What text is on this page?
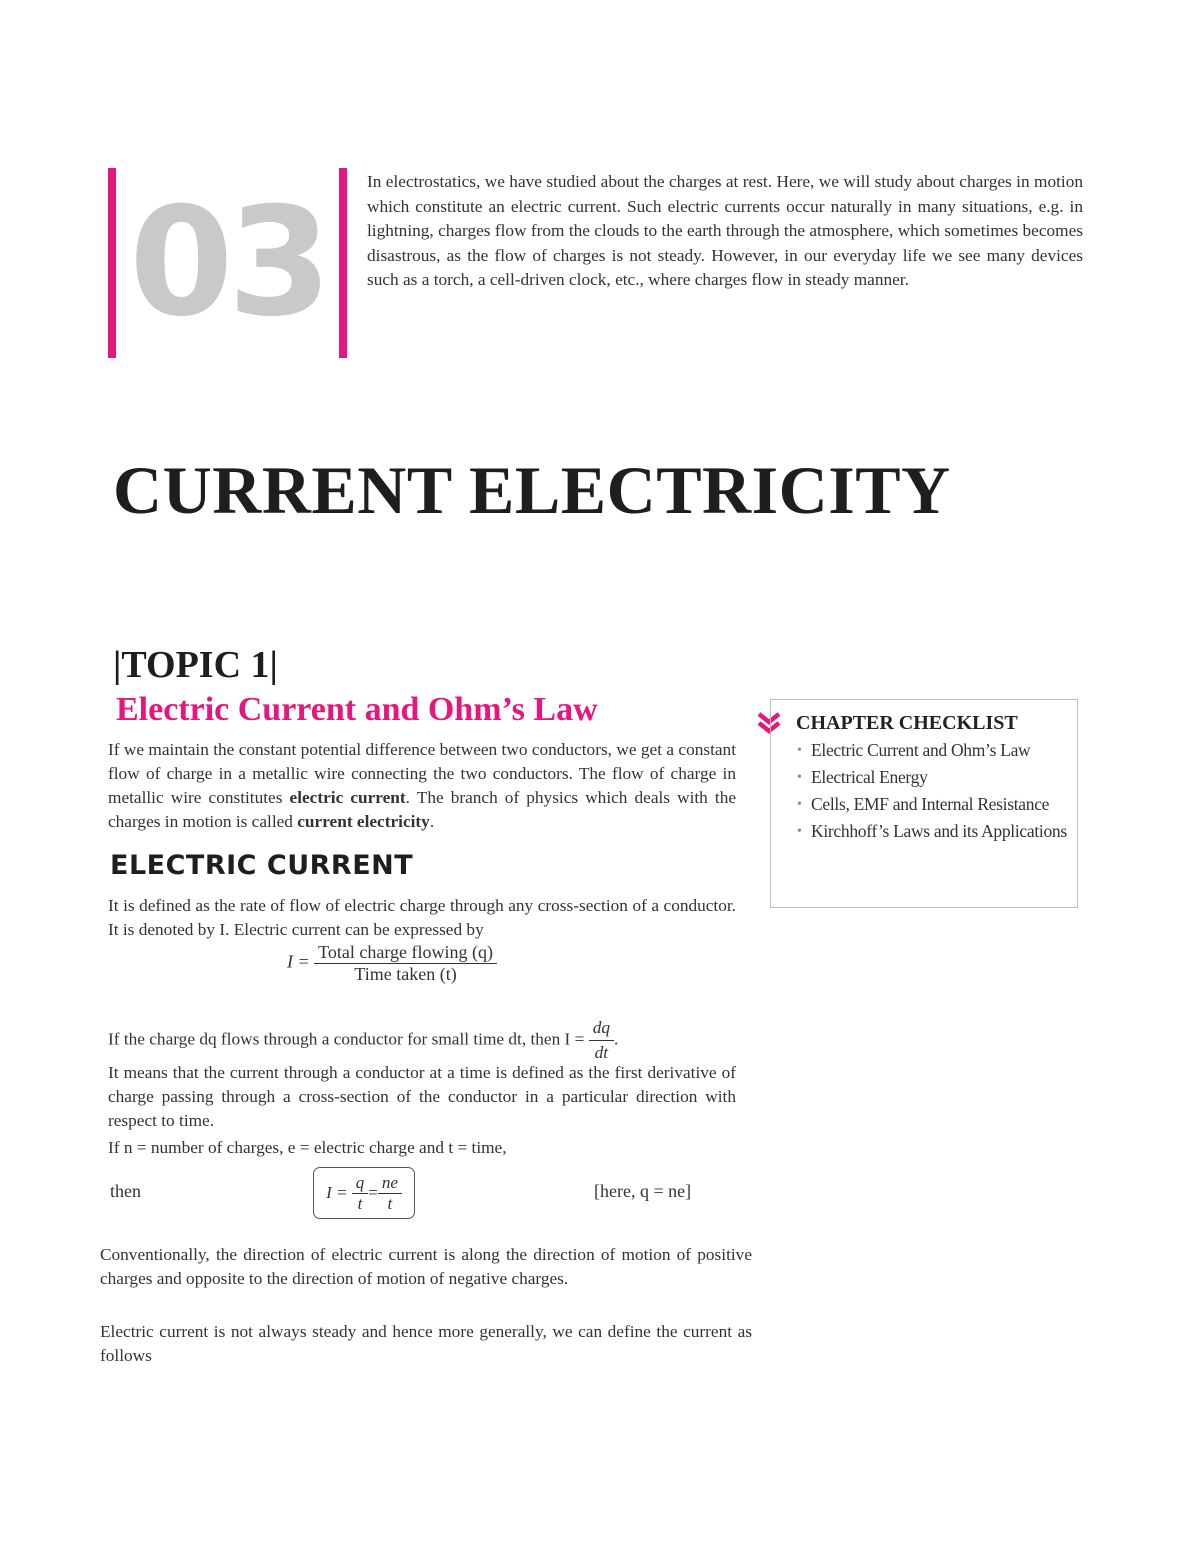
03	In electrostatics, we have studied about the charges at rest. Here, we will study about charges in motion which constitute an electric current. Such electric currents occur naturally in many situations, e.g. in lightning, charges flow from the clouds to the earth through the atmosphere, which sometimes becomes disastrous, as the flow of charges is not steady. However, in our everyday life we see many devices such as a torch, a cell-driven clock, etc., where charges flow in steady manner.

CURRENT ELECTRICITY
|TOPIC 1|
Electric Current and Ohm’s Law

If we maintain the constant potential difference between two conductors, we get a constant flow of charge in a metallic wire connecting the two conductors. The flow of charge in metallic wire constitutes electric current. The branch of physics which deals with the charges in motion is called current electricity.

ELECTRIC CURRENT

It is defined as the rate of flow of electric charge through any cross-section of a conductor. It is denoted by I. Electric current can be expressed by

$I = \frac{\text{Total charge flowing (q)}}{\text{Time taken (t)}}$

If the charge dq flows through a conductor for small time dt, then $I = \frac{dq}{dt}$ .

It means that the current through a conductor at a time is defined as the first derivative of charge passing through a cross-section of the conductor in a particular direction with respect to time.

If n = number of charges, e = electric charge and t = time,

then	I =
$\frac{q}{t} = \frac{ne}{t}$	[here, q = ne]

Conventionally, the direction of electric current is along the direction of motion of positive charges and opposite to the direction of motion of negative charges.

Electric current is not always steady and hence more generally, we can define the current as follows

CHAPTER CHECKLIST
• Electric Current and Ohm’s Law
• Electrical Energy
• Cells, EMF and Internal Resistance
• Kirchhoff’s Laws and its Applications
